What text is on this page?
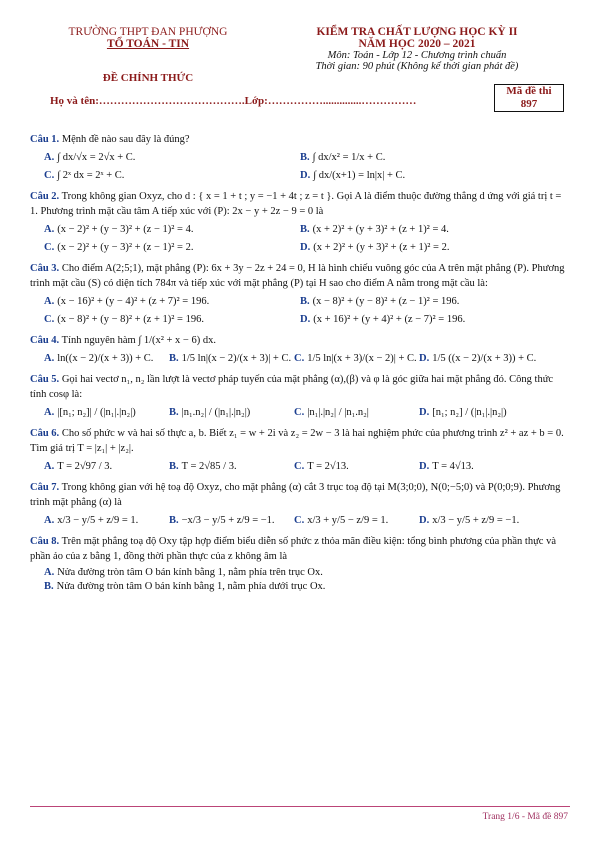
TRƯỜNG THPT ĐAN PHƯỢNG
TỔ TOÁN - TIN
ĐỀ CHÍNH THỨC
KIỂM TRA CHẤT LƯỢNG HỌC KỲ II
NĂM HỌC 2020 – 2021
Môn: Toán - Lớp 12 - Chương trình chuẩn
Thời gian: 90 phút (Không kể thời gian phát đề)
Mã đề thi
897
Họ và tên:………………………………….Lớp:……………..............……………
Câu 1. Mệnh đề nào sau đây là đúng?
A. ∫ dx/√x = 2√x + C.	B. ∫ dx/x² = 1/x + C.
C. ∫ 2ˣ dx = 2ˣ + C.	D. ∫ dx/(x+1) = ln|x| + C.
Câu 2. Trong không gian Oxyz, cho d : { x = 1 + t ; y = −1 + 4t ; z = t }. Gọi A là điểm thuộc đường thẳng d ứng với giá trị t = 1. Phương trình mặt cầu tâm A tiếp xúc với (P): 2x − y + 2z − 9 = 0 là
A. (x − 2)² + (y − 3)² + (z − 1)² = 4.	B. (x + 2)² + (y + 3)² + (z + 1)² = 4.
C. (x − 2)² + (y − 3)² + (z − 1)² = 2.	D. (x + 2)² + (y + 3)² + (z + 1)² = 2.
Câu 3. Cho điểm A(2;5;1), mặt phẳng (P): 6x + 3y − 2z + 24 = 0, H là hình chiếu vuông góc của A trên mặt phẳng (P). Phương trình mặt cầu (S) có diện tích 784π và tiếp xúc với mặt phẳng (P) tại H sao cho điểm A nằm trong mặt cầu là:
A. (x − 16)² + (y − 4)² + (z + 7)² = 196.	B. (x − 8)² + (y − 8)² + (z − 1)² = 196.
C. (x − 8)² + (y − 8)² + (z + 1)² = 196.	D. (x + 16)² + (y + 4)² + (z − 7)² = 196.
Câu 4. Tính nguyên hàm ∫ 1/(x² + x − 6) dx.
A. ln((x − 2)/(x + 3)) + C.	B. 1/5 ln|(x − 2)/(x + 3)| + C. C. 1/5 ln|(x + 3)/(x − 2)| + C. D. 1/5 ((x − 2)/(x + 3)) + C.
Câu 5. Gọi hai vectơ n₁, n₂ lần lượt là vectơ pháp tuyến của mặt phẳng (α),(β) và φ là góc giữa hai mặt phẳng đó. Công thức tính cosφ là:
A. |[n₁; n₂]| / (|n₁|.|n₂|)	B. |n₁.n₂| / (|n₁|.|n₂|)	C. |n₁|.|n₂| / |n₁.n₂|	D. [n₁; n₂] / (|n₁|.|n₂|)
Câu 6. Cho số phức w và hai số thực a, b. Biết z₁ = w + 2i và z₂ = 2w − 3 là hai nghiệm phức của phương trình z² + az + b = 0. Tìm giá trị T = |z₁| + |z₂|.
A. T = 2√97 / 3.	B. T = 2√85 / 3.	C. T = 2√13.	D. T = 4√13.
Câu 7. Trong không gian với hệ toạ độ Oxyz, cho mặt phẳng (α) cắt 3 trục toạ độ tại M(3;0;0), N(0;−5;0) và P(0;0;9). Phương trình mặt phẳng (α) là
A. x/3 − y/5 + z/9 = 1.	B. −x/3 − y/5 + z/9 = −1.	C. x/3 + y/5 − z/9 = 1.	D. x/3 − y/5 + z/9 = −1.
Câu 8. Trên mặt phẳng toạ độ Oxy tập hợp điểm biểu diễn số phức z thỏa mãn điều kiện: tổng bình phương của phần thực và phần ảo của z bằng 1, đồng thời phần thực của z không âm là
A. Nửa đường tròn tâm O bán kính bằng 1, nằm phía trên trục Ox.
B. Nửa đường tròn tâm O bán kính bằng 1, nằm phía dưới trục Ox.
Trang 1/6 - Mã đề 897
